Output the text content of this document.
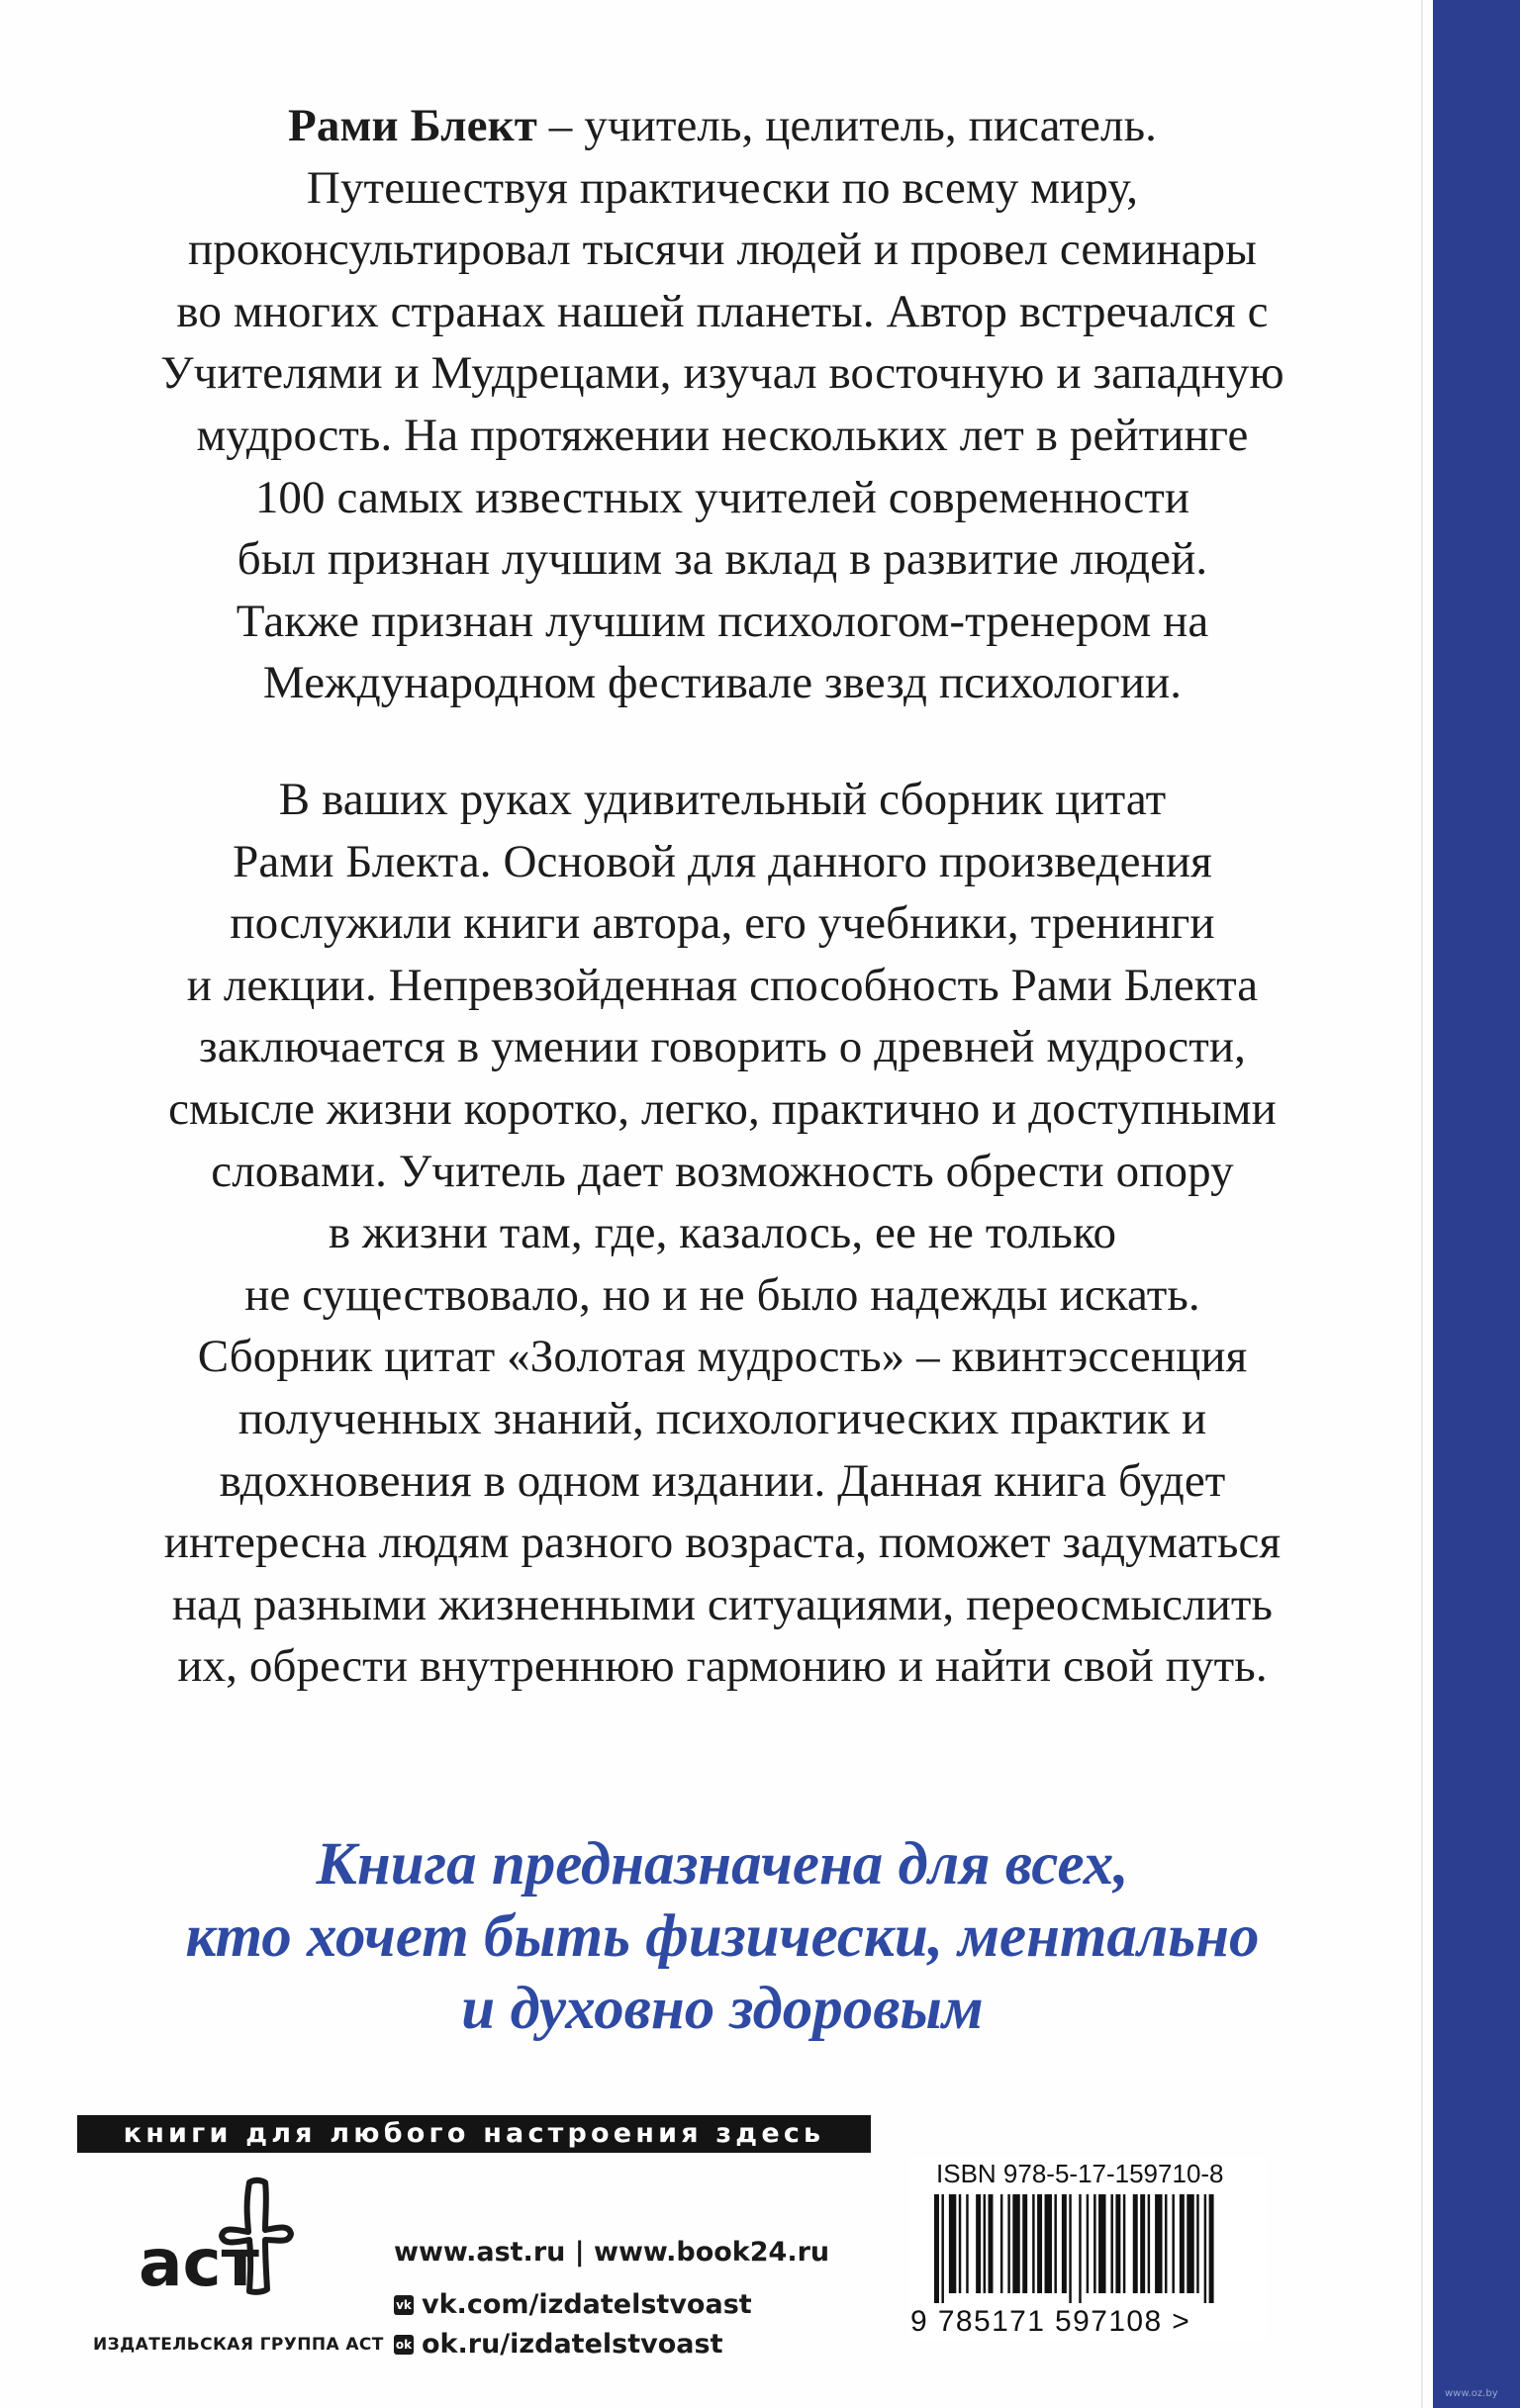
Рами Блект – учитель, целитель, писатель.
Путешествуя практически по всему миру,
проконсультировал тысячи людей и провел семинары
во многих странах нашей планеты. Автор встречался с
Учителями и Мудрецами, изучал восточную и западную
мудрость. На протяжении нескольких лет в рейтинге
100 самых известных учителей современности
был признан лучшим за вклад в развитие людей.
Также признан лучшим психологом-тренером на
Международном фестивале звезд психологии.
В ваших руках удивительный сборник цитат
Рами Блекта. Основой для данного произведения
послужили книги автора, его учебники, тренинги
и лекции. Непревзойденная способность Рами Блекта
заключается в умении говорить о древней мудрости,
смысле жизни коротко, легко, практично и доступными
словами. Учитель дает возможность обрести опору
в жизни там, где, казалось, ее не только
не существовало, но и не было надежды искать.
Сборник цитат «Золотая мудрость» – квинтэссенция
полученных знаний, психологических практик и
вдохновения в одном издании. Данная книга будет
интересна людям разного возраста, поможет задуматься
над разными жизненными ситуациями, переосмыслить
их, обрести внутреннюю гармонию и найти свой путь.
Книга предназначена для всех,
кто хочет быть физически, ментально
и духовно здоровым
книги для любого настроения здесь
аст
ИЗДАТЕЛЬСКАЯ ГРУППА АСТ
www.ast.ru | www.book24.ru
vk vk.com/izdatelstvoast
ok ok.ru/izdatelstvoast
ISBN 978-5-17-159710-8
9 785171 597108 >
www.oz.by
